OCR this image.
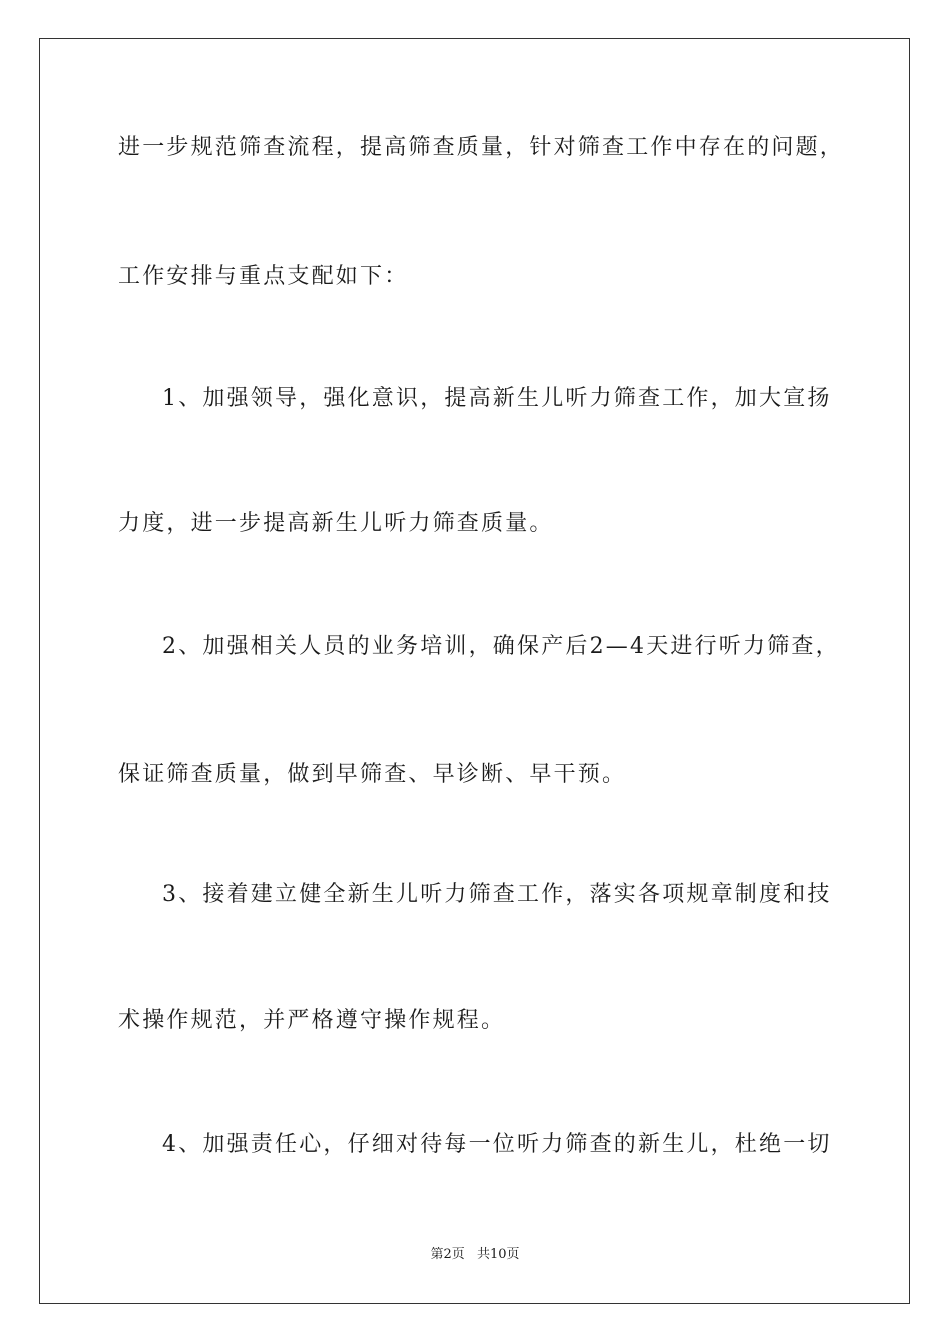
进一步规范筛查流程，提高筛查质量，针对筛查工作中存在的问题，
工作安排与重点支配如下：
1、加强领导，强化意识，提高新生儿听力筛查工作，加大宣扬
力度，进一步提高新生儿听力筛查质量。
2、加强相关人员的业务培训，确保产后2—4天进行听力筛查，
保证筛查质量，做到早筛查、早诊断、早干预。
3、接着建立健全新生儿听力筛查工作，落实各项规章制度和技
术操作规范，并严格遵守操作规程。
4、加强责任心，仔细对待每一位听力筛查的新生儿，杜绝一切
第2页 共10页
